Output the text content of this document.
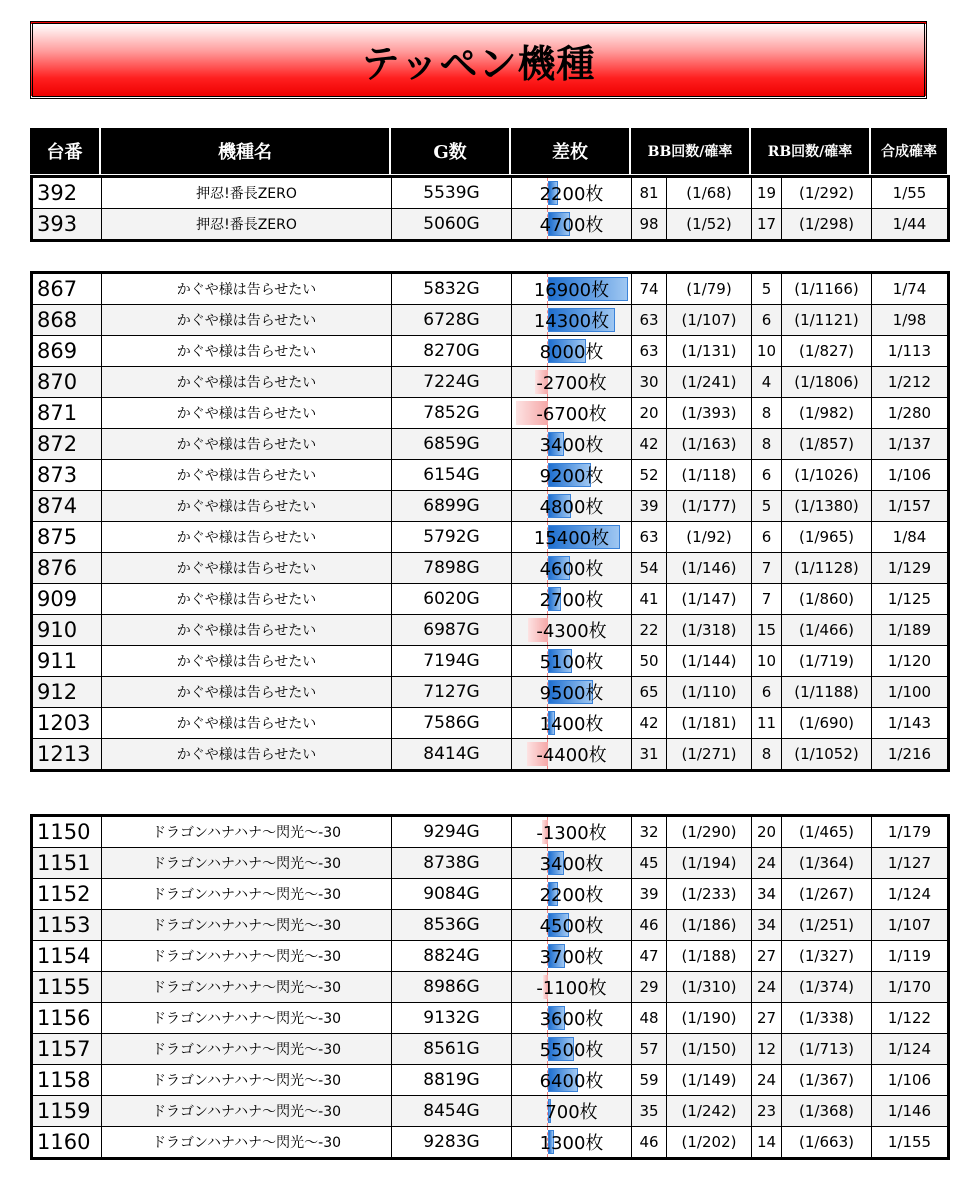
テッペン機種
台番	機種名	G数	差枚	BB回数/確率	RB回数/確率	合成確率
392	押忍!番長ZERO	5539G	2200枚	81	(1/68)	19	(1/292)	1/55
393	押忍!番長ZERO	5060G	4700枚	98	(1/52)	17	(1/298)	1/44
867	かぐや様は告らせたい	5832G	16900枚	74	(1/79)	5	(1/1166)	1/74
868	かぐや様は告らせたい	6728G	14300枚	63	(1/107)	6	(1/1121)	1/98
869	かぐや様は告らせたい	8270G	8000枚	63	(1/131)	10	(1/827)	1/113
870	かぐや様は告らせたい	7224G	-2700枚	30	(1/241)	4	(1/1806)	1/212
871	かぐや様は告らせたい	7852G	-6700枚	20	(1/393)	8	(1/982)	1/280
872	かぐや様は告らせたい	6859G	3400枚	42	(1/163)	8	(1/857)	1/137
873	かぐや様は告らせたい	6154G	9200枚	52	(1/118)	6	(1/1026)	1/106
874	かぐや様は告らせたい	6899G	4800枚	39	(1/177)	5	(1/1380)	1/157
875	かぐや様は告らせたい	5792G	15400枚	63	(1/92)	6	(1/965)	1/84
876	かぐや様は告らせたい	7898G	4600枚	54	(1/146)	7	(1/1128)	1/129
909	かぐや様は告らせたい	6020G	2700枚	41	(1/147)	7	(1/860)	1/125
910	かぐや様は告らせたい	6987G	-4300枚	22	(1/318)	15	(1/466)	1/189
911	かぐや様は告らせたい	7194G	5100枚	50	(1/144)	10	(1/719)	1/120
912	かぐや様は告らせたい	7127G	9500枚	65	(1/110)	6	(1/1188)	1/100
1203	かぐや様は告らせたい	7586G	1400枚	42	(1/181)	11	(1/690)	1/143
1213	かぐや様は告らせたい	8414G	-4400枚	31	(1/271)	8	(1/1052)	1/216
1150	ドラゴンハナハナ～閃光～-30	9294G	-1300枚	32	(1/290)	20	(1/465)	1/179
1151	ドラゴンハナハナ～閃光～-30	8738G	3400枚	45	(1/194)	24	(1/364)	1/127
1152	ドラゴンハナハナ～閃光～-30	9084G	2200枚	39	(1/233)	34	(1/267)	1/124
1153	ドラゴンハナハナ～閃光～-30	8536G	4500枚	46	(1/186)	34	(1/251)	1/107
1154	ドラゴンハナハナ～閃光～-30	8824G	3700枚	47	(1/188)	27	(1/327)	1/119
1155	ドラゴンハナハナ～閃光～-30	8986G	-1100枚	29	(1/310)	24	(1/374)	1/170
1156	ドラゴンハナハナ～閃光～-30	9132G	3600枚	48	(1/190)	27	(1/338)	1/122
1157	ドラゴンハナハナ～閃光～-30	8561G	5500枚	57	(1/150)	12	(1/713)	1/124
1158	ドラゴンハナハナ～閃光～-30	8819G	6400枚	59	(1/149)	24	(1/367)	1/106
1159	ドラゴンハナハナ～閃光～-30	8454G	700枚	35	(1/242)	23	(1/368)	1/146
1160	ドラゴンハナハナ～閃光～-30	9283G	1300枚	46	(1/202)	14	(1/663)	1/155
